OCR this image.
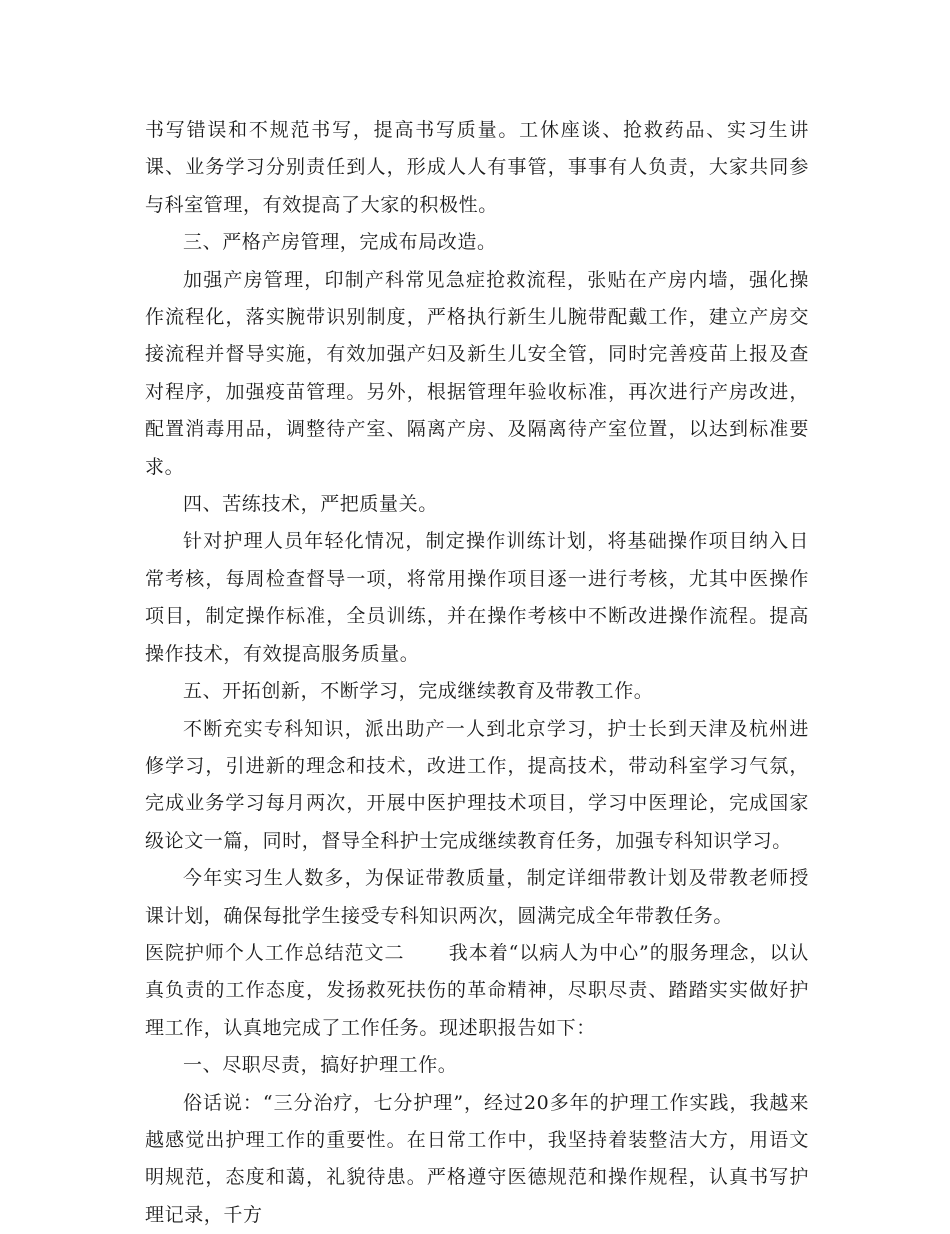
书写错误和不规范书写，提高书写质量。工休座谈、抢救药品、实习生讲课、业务学习分别责任到人，形成人人有事管，事事有人负责，大家共同参与科室管理，有效提高了大家的积极性。

三、严格产房管理，完成布局改造。

加强产房管理，印制产科常见急症抢救流程，张贴在产房内墙，强化操作流程化，落实腕带识别制度，严格执行新生儿腕带配戴工作，建立产房交接流程并督导实施，有效加强产妇及新生儿安全管，同时完善疫苗上报及查对程序，加强疫苗管理。另外，根据管理年验收标准，再次进行产房改进，配置消毒用品，调整待产室、隔离产房、及隔离待产室位置，以达到标准要求。

四、苦练技术，严把质量关。

针对护理人员年轻化情况，制定操作训练计划，将基础操作项目纳入日常考核，每周检查督导一项，将常用操作项目逐一进行考核，尤其中医操作项目，制定操作标准，全员训练，并在操作考核中不断改进操作流程。提高操作技术，有效提高服务质量。

五、开拓创新，不断学习，完成继续教育及带教工作。

不断充实专科知识，派出助产一人到北京学习，护士长到天津及杭州进修学习，引进新的理念和技术，改进工作，提高技术，带动科室学习气氛，完成业务学习每月两次，开展中医护理技术项目，学习中医理论，完成国家级论文一篇，同时，督导全科护士完成继续教育任务，加强专科知识学习。

今年实习生人数多，为保证带教质量，制定详细带教计划及带教老师授课计划，确保每批学生接受专科知识两次，圆满完成全年带教任务。

医院护师个人工作总结范文二 我本着“以病人为中心”的服务理念，以认真负责的工作态度，发扬救死扶伤的革命精神，尽职尽责、踏踏实实做好护理工作，认真地完成了工作任务。现述职报告如下：

一、尽职尽责，搞好护理工作。

俗话说：“三分治疗，七分护理”，经过20多年的护理工作实践，我越来越感觉出护理工作的重要性。在日常工作中，我坚持着装整洁大方，用语文明规范，态度和蔼，礼貌待患。严格遵守医德规范和操作规程，认真书写护理记录，千方
